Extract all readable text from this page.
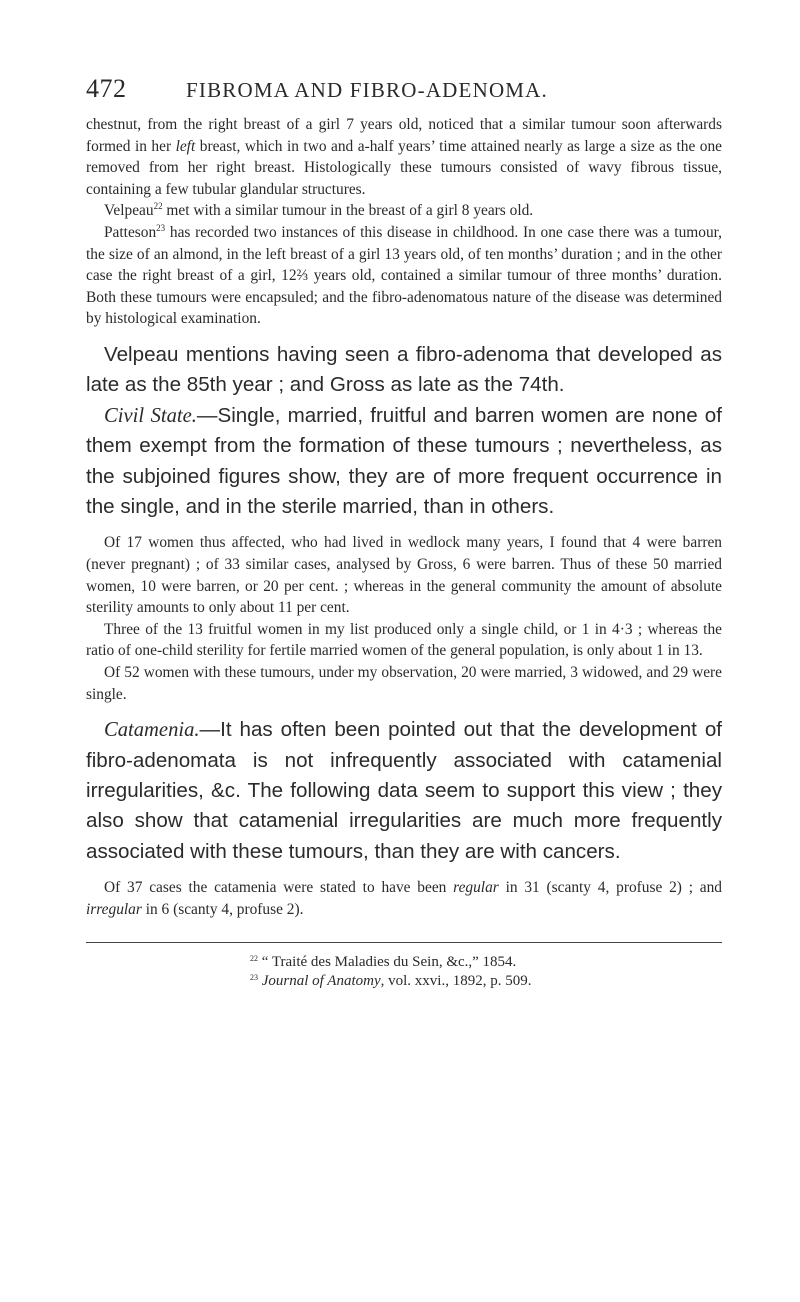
472	FIBROMA AND FIBRO-ADENOMA.

chestnut, from the right breast of a girl 7 years old, noticed that a similar tumour soon afterwards formed in her left breast, which in two and a-half years’ time attained nearly as large a size as the one removed from her right breast. Histologically these tumours consisted of wavy fibrous tissue, containing a few tubular glandular structures.

Velpeau$^{22}$ met with a similar tumour in the breast of a girl 8 years old.

Patteson$^{23}$ has recorded two instances of this disease in childhood. In one case there was a tumour, the size of an almond, in the left breast of a girl 13 years old, of ten months’ duration ; and in the other case the right breast of a girl, 12⅔ years old, contained a similar tumour of three months’ duration. Both these tumours were encapsuled; and the fibro-adenomatous nature of the disease was determined by histological examination.

Velpeau mentions having seen a fibro-adenoma that developed as late as the 85th year ; and Gross as late as the 74th.

Civil State.—Single, married, fruitful and barren women are none of them exempt from the formation of these tumours ; nevertheless, as the subjoined figures show, they are of more frequent occurrence in the single, and in the sterile married, than in others.

Of 17 women thus affected, who had lived in wedlock many years, I found that 4 were barren (never pregnant) ; of 33 similar cases, analysed by Gross, 6 were barren. Thus of these 50 married women, 10 were barren, or 20 per cent. ; whereas in the general community the amount of absolute sterility amounts to only about 11 per cent.

Three of the 13 fruitful women in my list produced only a single child, or 1 in 4·3 ; whereas the ratio of one-child sterility for fertile married women of the general population, is only about 1 in 13.

Of 52 women with these tumours, under my observation, 20 were married, 3 widowed, and 29 were single.

Catamenia.—It has often been pointed out that the development of fibro-adenomata is not infrequently associated with catamenial irregularities, &c. The following data seem to support this view ; they also show that catamenial irregularities are much more frequently associated with these tumours, than they are with cancers.

Of 37 cases the catamenia were stated to have been regular in 31 (scanty 4, profuse 2) ; and irregular in 6 (scanty 4, profuse 2).

$^{22}$ “ Traité des Maladies du Sein, &c.,” 1854.
$^{23}$ Journal of Anatomy, vol. xxvi., 1892, p. 509.
